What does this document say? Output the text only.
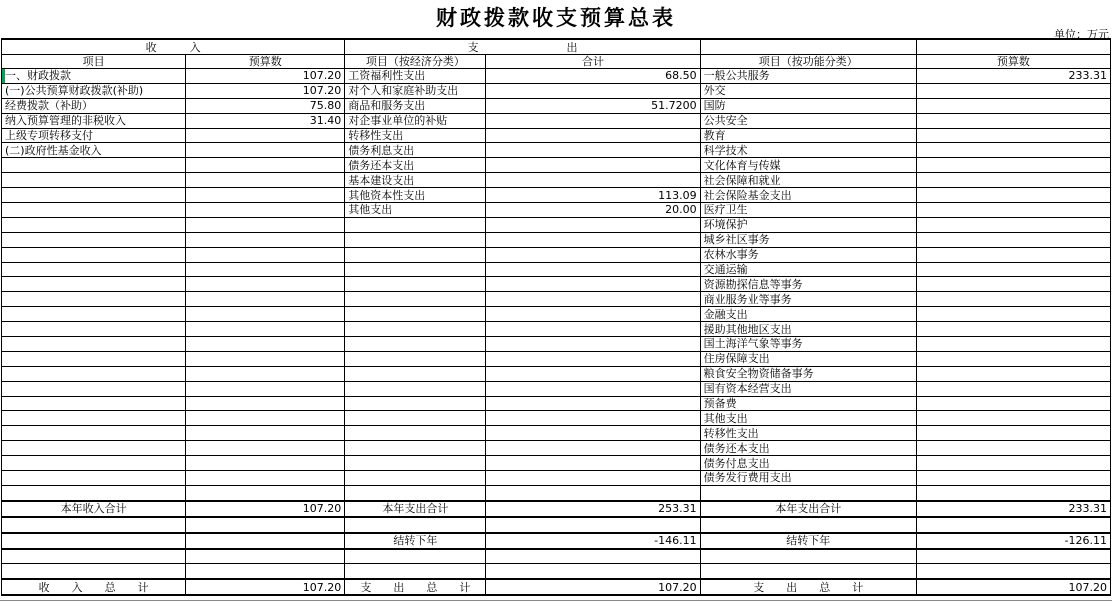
财政拨款收支预算总表
单位：万元
收　　　入		支　　　　　　　　出			
项目	预算数	项目（按经济分类）	合计	项目（按功能分类）	预算数
一、财政拨款	107.20	工资福利性支出	68.50	一般公共服务	233.31
(一)公共预算财政拨款(补助)	107.20	对个人和家庭补助支出		外交	
经费拨款（补助）	75.80	商品和服务支出	51.7200	国防	
纳入预算管理的非税收入	31.40	对企事业单位的补贴		公共安全	
上级专项转移支付		转移性支出		教育	
(二)政府性基金收入		债务利息支出		科学技术	
		债务还本支出		文化体育与传媒	
		基本建设支出		社会保障和就业	
		其他资本性支出	113.09	社会保险基金支出	
		其他支出	20.00	医疗卫生	
				环境保护	
				城乡社区事务	
				农林水事务	
				交通运输	
				资源勘探信息等事务	
				商业服务业等事务	
				金融支出	
				援助其他地区支出	
				国土海洋气象等事务	
				住房保障支出	
				粮食安全物资储备事务	
				国有资本经营支出	
				预备费	
				其他支出	
				转移性支出	
				债务还本支出	
				债务付息支出	
				债务发行费用支出	

本年收入合计	107.20	本年支出合计	253.31	本年支出合计	233.31

		结转下年	-146.11	结转下年	-126.11

收　　入　　总　　计	107.20	支　　出　　总　　计	107.20	支　　出　　总　　计	107.20
